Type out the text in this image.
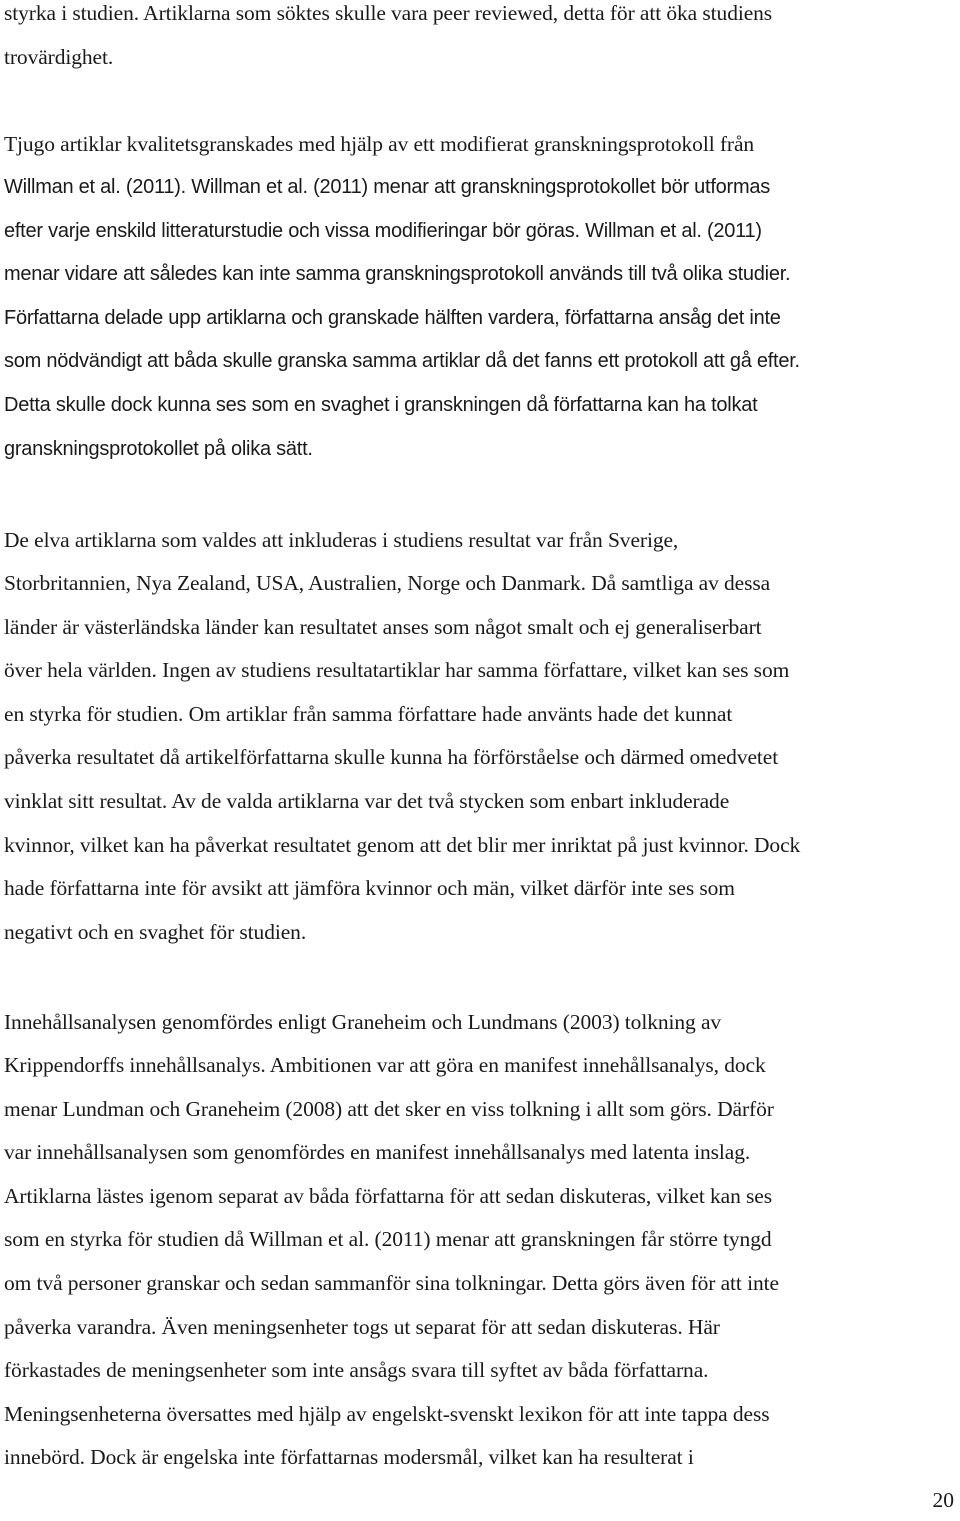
styrka i studien. Artiklarna som söktes skulle vara peer reviewed, detta för att öka studiens
trovärdighet.
Tjugo artiklar kvalitetsgranskades med hjälp av ett modifierat granskningsprotokoll från
Willman et al. (2011). Willman et al. (2011) menar att granskningsprotokollet bör utformas
efter varje enskild litteraturstudie och vissa modifieringar bör göras. Willman et al. (2011)
menar vidare att således kan inte samma granskningsprotokoll används till två olika studier.
Författarna delade upp artiklarna och granskade hälften vardera, författarna ansåg det inte
som nödvändigt att båda skulle granska samma artiklar då det fanns ett protokoll att gå efter.
Detta skulle dock kunna ses som en svaghet i granskningen då författarna kan ha tolkat
granskningsprotokollet på olika sätt.
De elva artiklarna som valdes att inkluderas i studiens resultat var från Sverige,
Storbritannien, Nya Zealand, USA, Australien, Norge och Danmark. Då samtliga av dessa
länder är västerländska länder kan resultatet anses som något smalt och ej generaliserbart
över hela världen. Ingen av studiens resultatartiklar har samma författare, vilket kan ses som
en styrka för studien. Om artiklar från samma författare hade använts hade det kunnat
påverka resultatet då artikelförfattarna skulle kunna ha förförståelse och därmed omedvetet
vinklat sitt resultat. Av de valda artiklarna var det två stycken som enbart inkluderade
kvinnor, vilket kan ha påverkat resultatet genom att det blir mer inriktat på just kvinnor. Dock
hade författarna inte för avsikt att jämföra kvinnor och män, vilket därför inte ses som
negativt och en svaghet för studien.
Innehållsanalysen genomfördes enligt Graneheim och Lundmans (2003) tolkning av
Krippendorffs innehållsanalys. Ambitionen var att göra en manifest innehållsanalys, dock
menar Lundman och Graneheim (2008) att det sker en viss tolkning i allt som görs. Därför
var innehållsanalysen som genomfördes en manifest innehållsanalys med latenta inslag.
Artiklarna lästes igenom separat av båda författarna för att sedan diskuteras, vilket kan ses
som en styrka för studien då Willman et al. (2011) menar att granskningen får större tyngd
om två personer granskar och sedan sammanför sina tolkningar. Detta görs även för att inte
påverka varandra. Även meningsenheter togs ut separat för att sedan diskuteras. Här
förkastades de meningsenheter som inte ansågs svara till syftet av båda författarna.
Meningsenheterna översattes med hjälp av engelskt-svenskt lexikon för att inte tappa dess
innebörd. Dock är engelska inte författarnas modersmål, vilket kan ha resulterat i
20
